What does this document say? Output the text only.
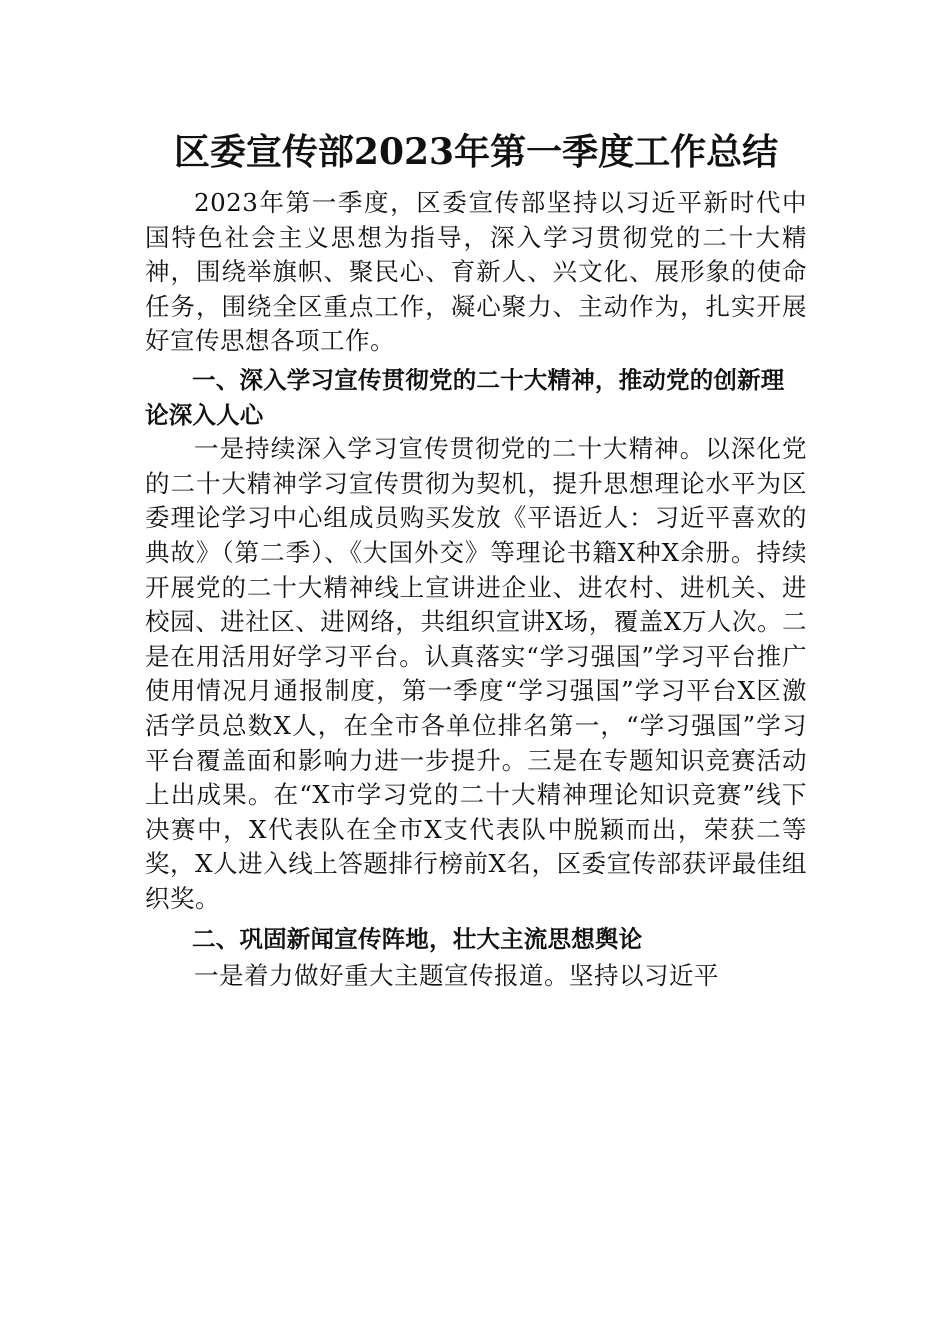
区委宣传部2023年第一季度工作总结

2023年第一季度，区委宣传部坚持以习近平新时代中国特色社会主义思想为指导，深入学习贯彻党的二十大精神，围绕举旗帜、聚民心、育新人、兴文化、展形象的使命任务，围绕全区重点工作，凝心聚力、主动作为，扎实开展好宣传思想各项工作。

一、深入学习宣传贯彻党的二十大精神，推动党的创新理论深入人心

一是持续深入学习宣传贯彻党的二十大精神。以深化党的二十大精神学习宣传贯彻为契机，提升思想理论水平为区委理论学习中心组成员购买发放《平语近人：习近平喜欢的典故》（第二季）、《大国外交》等理论书籍X种X余册。持续开展党的二十大精神线上宣讲进企业、进农村、进机关、进校园、进社区、进网络，共组织宣讲X场，覆盖X万人次。二是在用活用好学习平台。认真落实“学习强国”学习平台推广使用情况月通报制度，第一季度“学习强国”学习平台X区激活学员总数X人，在全市各单位排名第一，“学习强国”学习平台覆盖面和影响力进一步提升。三是在专题知识竞赛活动上出成果。在“X市学习党的二十大精神理论知识竞赛”线下决赛中，X代表队在全市X支代表队中脱颖而出，荣获二等奖，X人进入线上答题排行榜前X名，区委宣传部获评最佳组织奖。

二、巩固新闻宣传阵地，壮大主流思想舆论

一是着力做好重大主题宣传报道。坚持以习近平
